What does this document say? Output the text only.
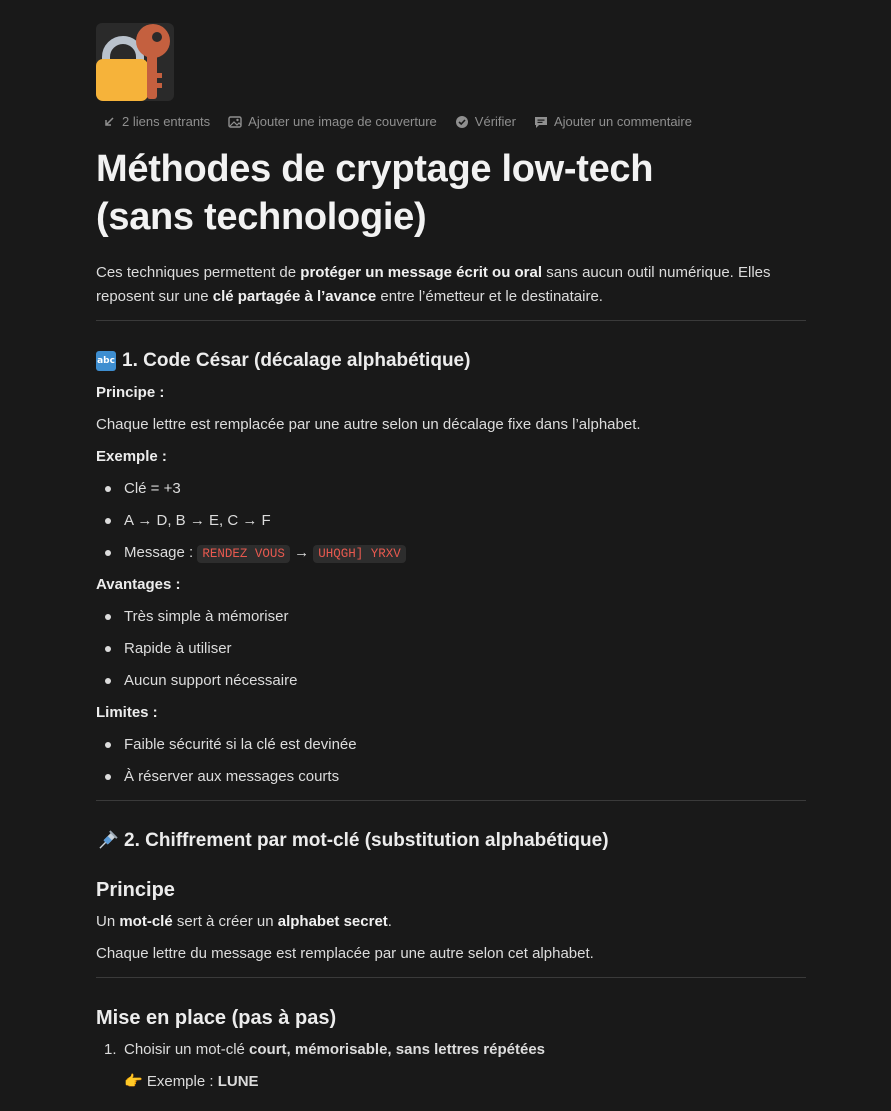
2 liens entrants	Ajouter une image de couverture	Vérifier	Ajouter un commentaire
Méthodes de cryptage low-tech
(sans technologie)
Ces techniques permettent de protéger un message écrit ou oral sans aucun outil numérique. Elles
reposent sur une clé partagée à l’avance entre l’émetteur et le destinataire.
abc 1. Code César (décalage alphabétique)
Principe :
Chaque lettre est remplacée par une autre selon un décalage fixe dans l’alphabet.
Exemple :
Clé = +3
A → D, B → E, C → F
Message : RENDEZ VOUS → UHQGH] YRXV
Avantages :
Très simple à mémoriser
Rapide à utiliser
Aucun support nécessaire
Limites :
Faible sécurité si la clé est devinée
À réserver aux messages courts
2. Chiffrement par mot-clé (substitution alphabétique)
Principe
Un mot-clé sert à créer un alphabet secret.
Chaque lettre du message est remplacée par une autre selon cet alphabet.
Mise en place (pas à pas)
1. Choisir un mot-clé court, mémorisable, sans lettres répétées
👉 Exemple : LUNE
